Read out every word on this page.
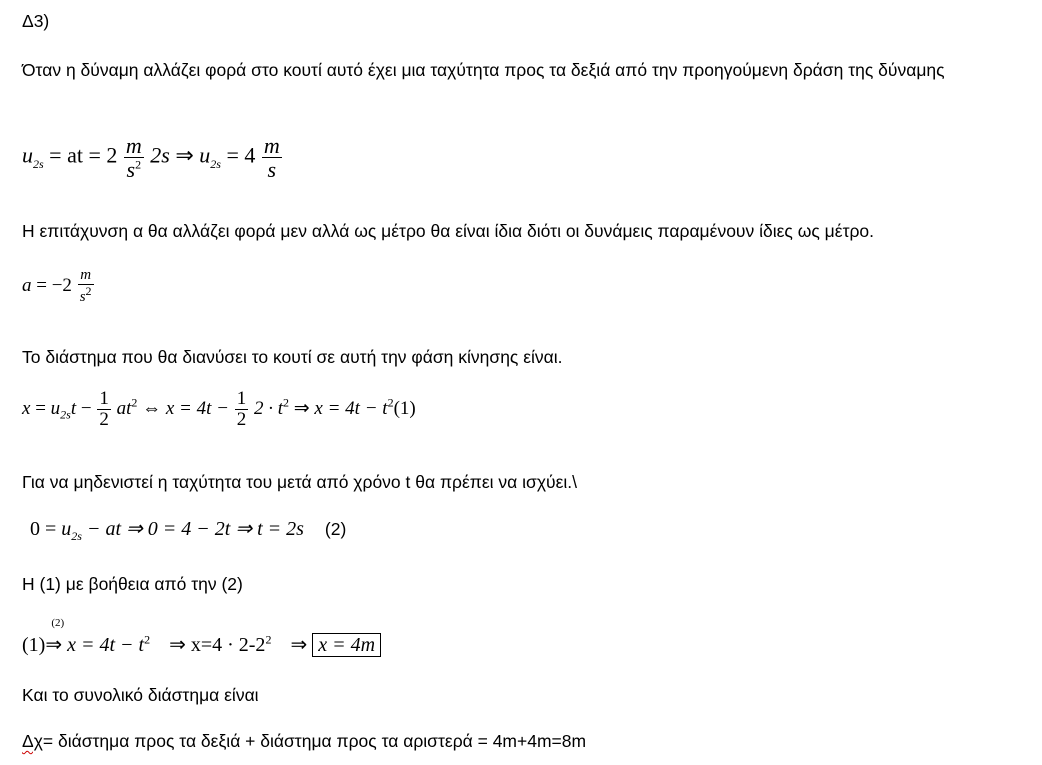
Δ3)

Όταν η δύναμη αλλάζει φορά στο κουτί αυτό έχει μια ταχύτητα προς τα δεξιά από την προηγούμενη δράση της δύναμης

$u_{2s}$ = at = $2 \frac{m}{s^2} 2s$ ⇒ $u_{2s} = 4 \frac{m}{s}$

Η επιτάχυνση α θα αλλάζει φορά μεν αλλά ως μέτρο θα είναι ίδια διότι οι δυνάμεις παραμένουν ίδιες ως μέτρο.

$a = -2 \frac{m}{s^2}$

Το διάστημα που θα διανύσει το κουτί σε αυτή την φάση κίνησης είναι.

$x = u_{2s}t - \frac{1}{2} at^2$ ⇔ $x = 4t - \frac{1}{2} 2 \cdot t^2$ ⇒ $x = 4t - t^2(1)$

Για να μηδενιστεί η ταχύτητα του μετά από χρόνο t θα πρέπει να ισχύει.\

$0 = u_{2s}$ − at ⇒ 0 = 4 − 2t ⇒ t = 2s (2)

Η (1) με βοήθεια από την (2)

(1)
(2)
⇒ $x = 4t - t^2$ ⇒ $x=4 \cdot 2-2^2$ ⇒ x = 4m

Και το συνολικό διάστημα είναι

Δχ= διάστημα προς τα δεξιά + διάστημα προς τα αριστερά = 4m+4m=8m
